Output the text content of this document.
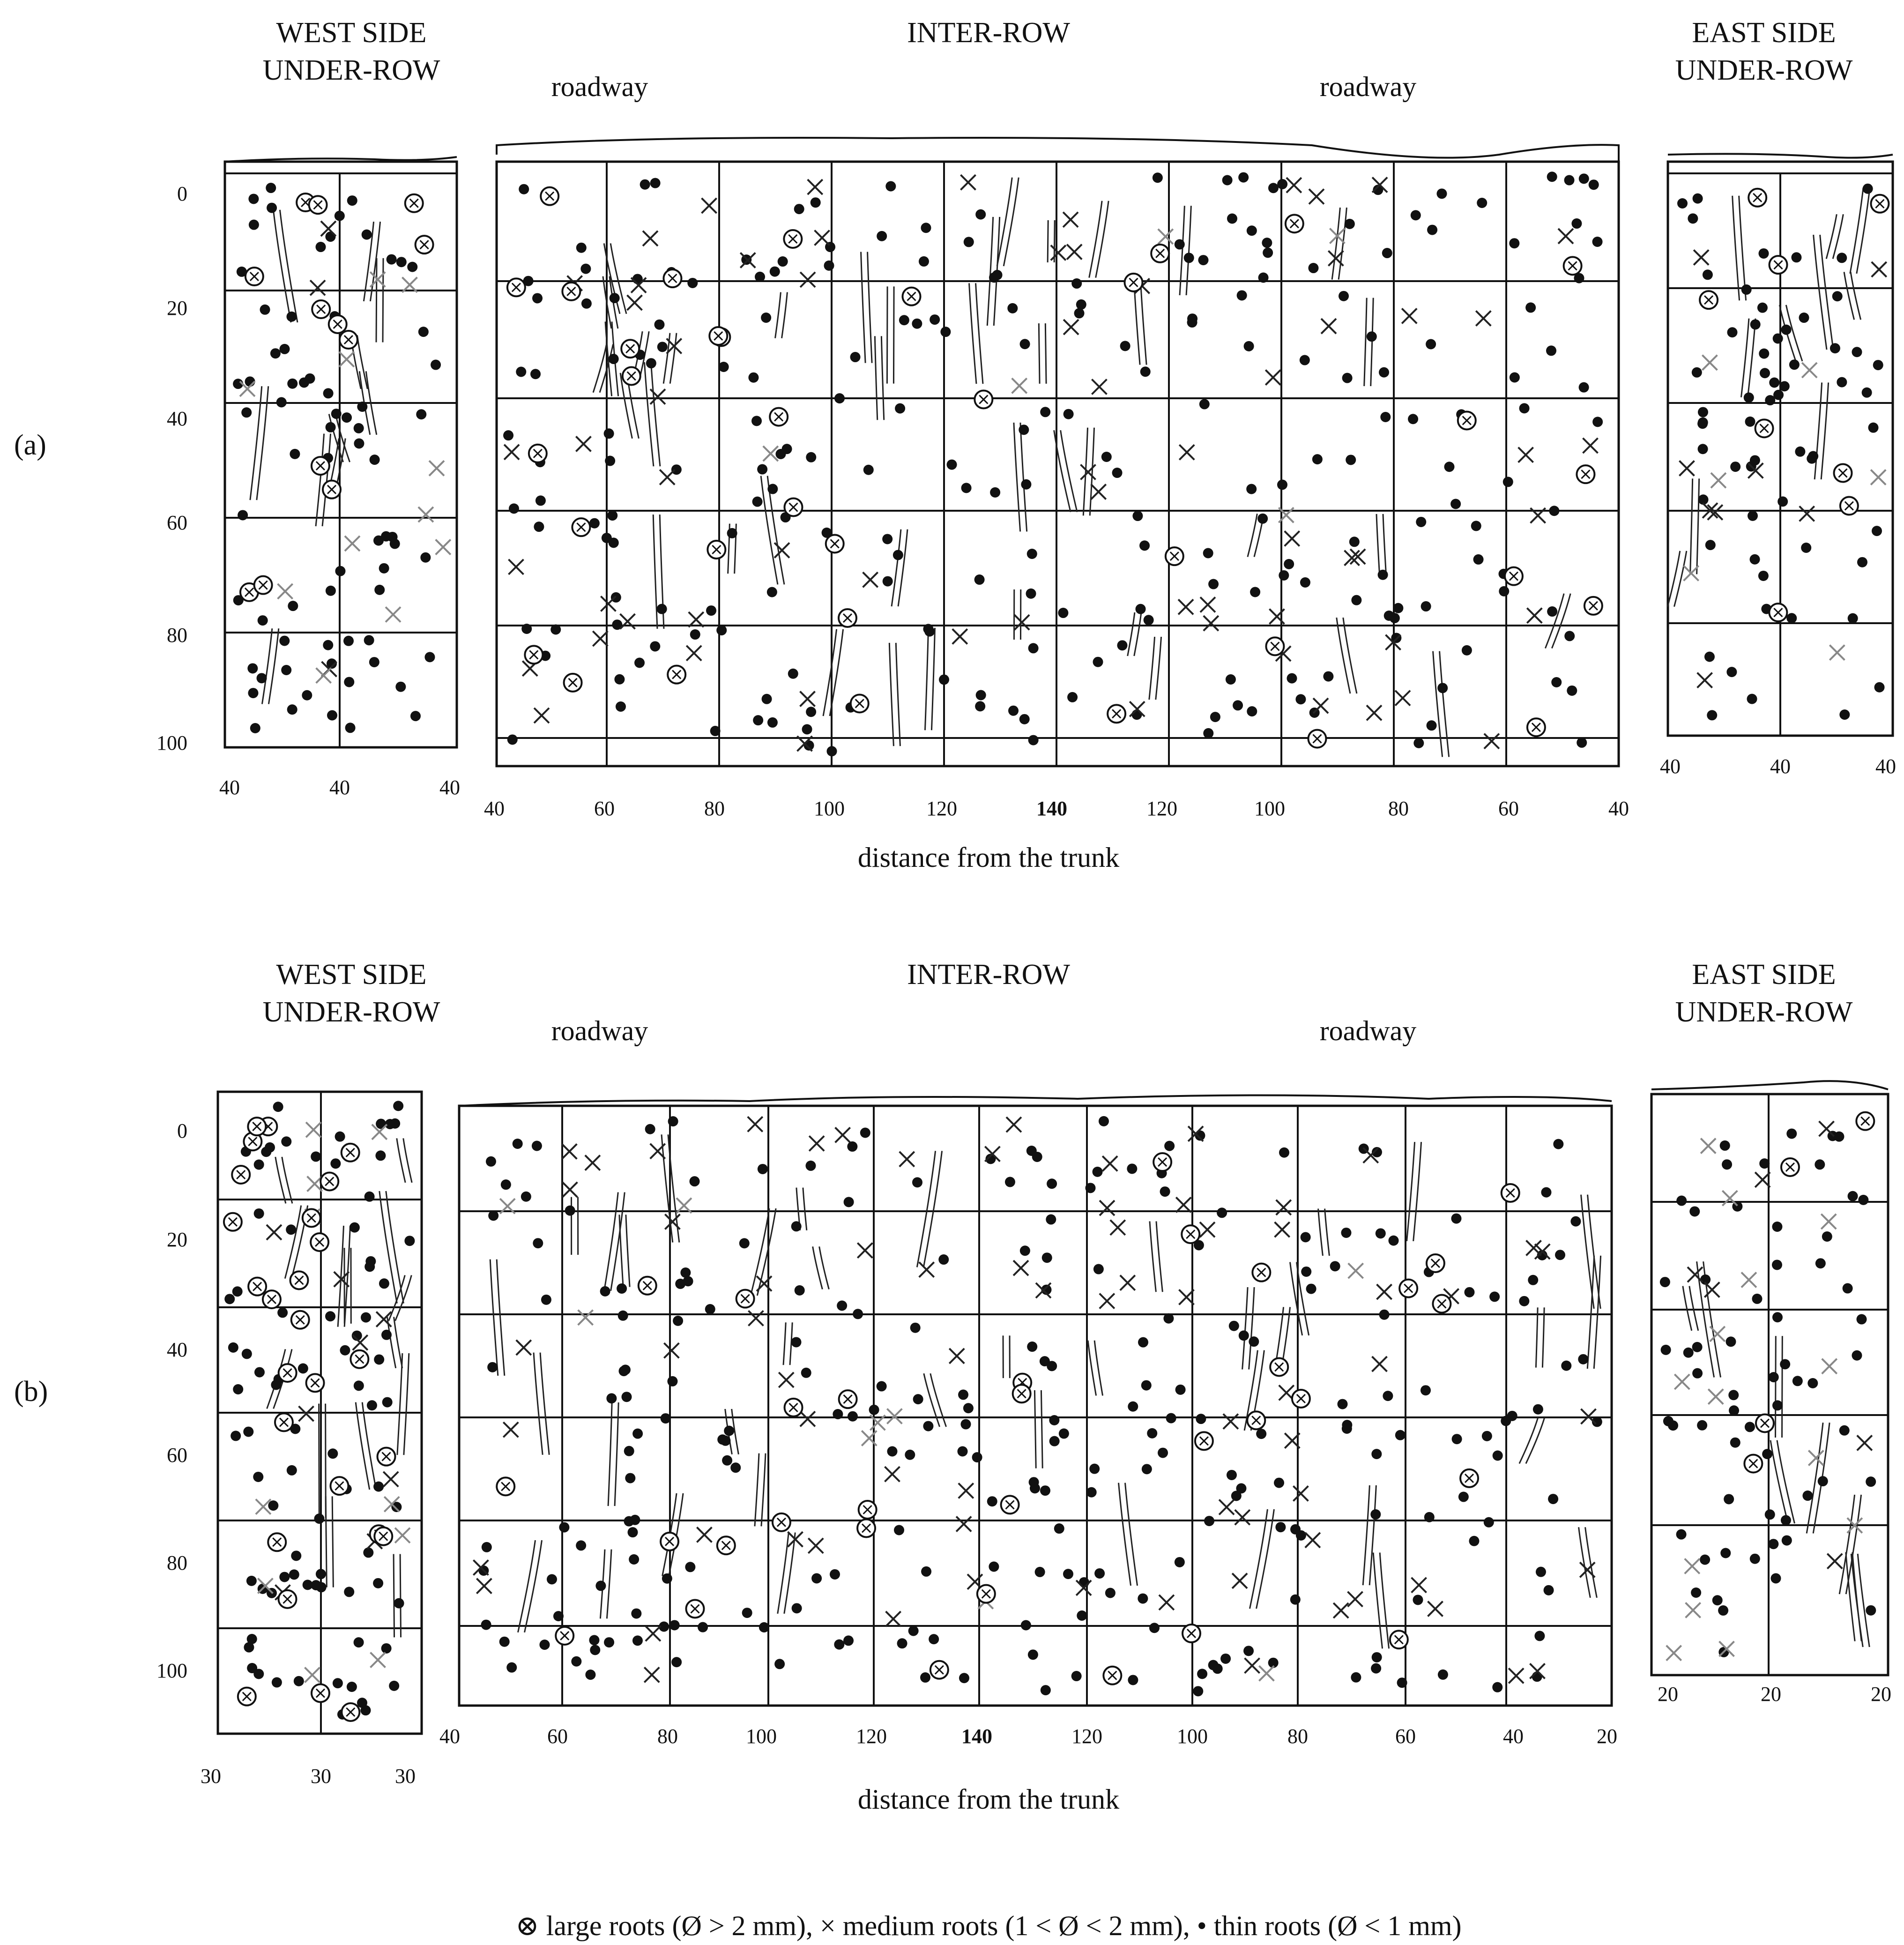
(a)
WEST SIDE
UNDER-ROW
INTER-ROW	EAST SIDE
UNDER-ROW
roadway	roadway
0
20
40
60
80
100
40	40	40
40	60	80	100	120	140	120	100	80	60	40
distance from the trunk
40	40	40
(b)
WEST SIDE
UNDER-ROW
INTER-ROW	EAST SIDE
UNDER-ROW
roadway	roadway
0
20
40
60
80
100
30	30	30
40	60	80	100	120	140	120	100	80	60	40	20
distance from the trunk
20	20	20
⊗ large roots (Ø > 2 mm), × medium roots (1 < Ø < 2 mm), • thin roots (Ø < 1 mm)
